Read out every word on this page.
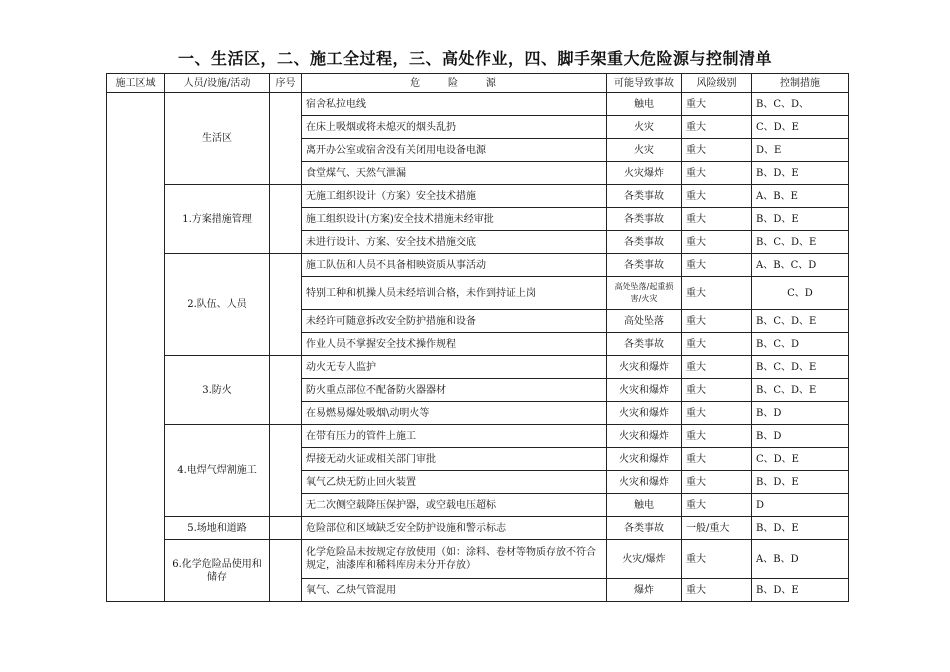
一、生活区，二、施工全过程，三、高处作业，四、脚手架重大危险源与控制清单
施工区域	人员/设施/活动	序号	危     险     源	可能导致事故	风险级别	控制措施
	生活区		宿舍私拉电线	触电	重大	B、C、D、
			在床上吸烟或将未熄灭的烟头乱扔	火灾	重大	C、D、E
			离开办公室或宿舍没有关闭用电设备电源	火灾	重大	D、E
			食堂煤气、天然气泄漏	火灾爆炸	重大	B、D、E
	1.方案措施管理		无施工组织设计（方案）安全技术措施	各类事故	重大	A、B、E
			施工组织设计(方案)安全技术措施未经审批	各类事故	重大	B、D、E
			未进行设计、方案、安全技术措施交底	各类事故	重大	B、C、D、E
	2.队伍、人员		施工队伍和人员不具备相映资质从事活动	各类事故	重大	A、B、C、D
			特别工种和机操人员未经培训合格，未作到持证上岗	高处坠落/起重损害/火灾	重大	C、D
			未经许可随意拆改安全防护措施和设备	高处坠落	重大	B、C、D、E
			作业人员不掌握安全技术操作规程	各类事故	重大	B、C、D
	3.防火		动火无专人监护	火灾和爆炸	重大	B、C、D、E
			防火重点部位不配备防火器器材	火灾和爆炸	重大	B、C、D、E
			在易燃易爆处吸烟\动明火等	火灾和爆炸	重大	B、D
	4.电焊气焊割施工		在带有压力的管件上施工	火灾和爆炸	重大	B、D
			焊接无动火证或相关部门审批	火灾和爆炸	重大	C、D、E
			氧气乙炔无防止回火装置	火灾和爆炸	重大	B、D、E
			无二次侧空载降压保护器，或空载电压超标	触电	重大	D
	5.场地和道路		危险部位和区域缺乏安全防护设施和警示标志	各类事故	一般/重大	B、D、E
	6.化学危险品使用和储存		化学危险品未按规定存放使用（如：涂料、卷材等物质存放不符合规定，油漆库和稀料库房未分开存放）	火灾/爆炸	重大	A、B、D
			氧气、乙炔气管混用	爆炸	重大	B、D、E
